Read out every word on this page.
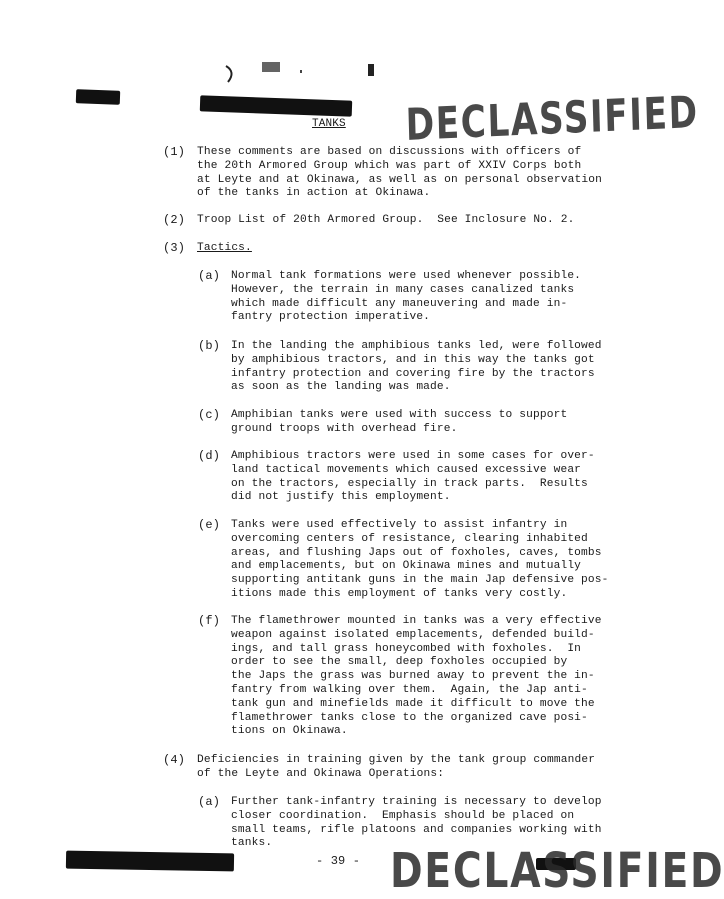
DECLASSIFIED
DECLASSIFIED
TANKS
(1) These comments are based on discussions with officers of
the 20th Armored Group which was part of XXIV Corps both
at Leyte and at Okinawa, as well as on personal observation
of the tanks in action at Okinawa.
(2) Troop List of 20th Armored Group.  See Inclosure No. 2.
(3) Tactics.
(a) Normal tank formations were used whenever possible.
However, the terrain in many cases canalized tanks
which made difficult any maneuvering and made in-
fantry protection imperative.
(b) In the landing the amphibious tanks led, were followed
by amphibious tractors, and in this way the tanks got
infantry protection and covering fire by the tractors
as soon as the landing was made.
(c) Amphibian tanks were used with success to support
ground troops with overhead fire.
(d) Amphibious tractors were used in some cases for over-
land tactical movements which caused excessive wear
on the tractors, especially in track parts.  Results
did not justify this employment.
(e) Tanks were used effectively to assist infantry in
overcoming centers of resistance, clearing inhabited
areas, and flushing Japs out of foxholes, caves, tombs
and emplacements, but on Okinawa mines and mutually
supporting antitank guns in the main Jap defensive pos-
itions made this employment of tanks very costly.
(f) The flamethrower mounted in tanks was a very effective
weapon against isolated emplacements, defended build-
ings, and tall grass honeycombed with foxholes.  In
order to see the small, deep foxholes occupied by
the Japs the grass was burned away to prevent the in-
fantry from walking over them.  Again, the Jap anti-
tank gun and minefields made it difficult to move the
flamethrower tanks close to the organized cave posi-
tions on Okinawa.
(4) Deficiencies in training given by the tank group commander
of the Leyte and Okinawa Operations:
(a) Further tank-infantry training is necessary to develop
closer coordination.  Emphasis should be placed on
small teams, rifle platoons and companies working with
tanks.
- 39 -
